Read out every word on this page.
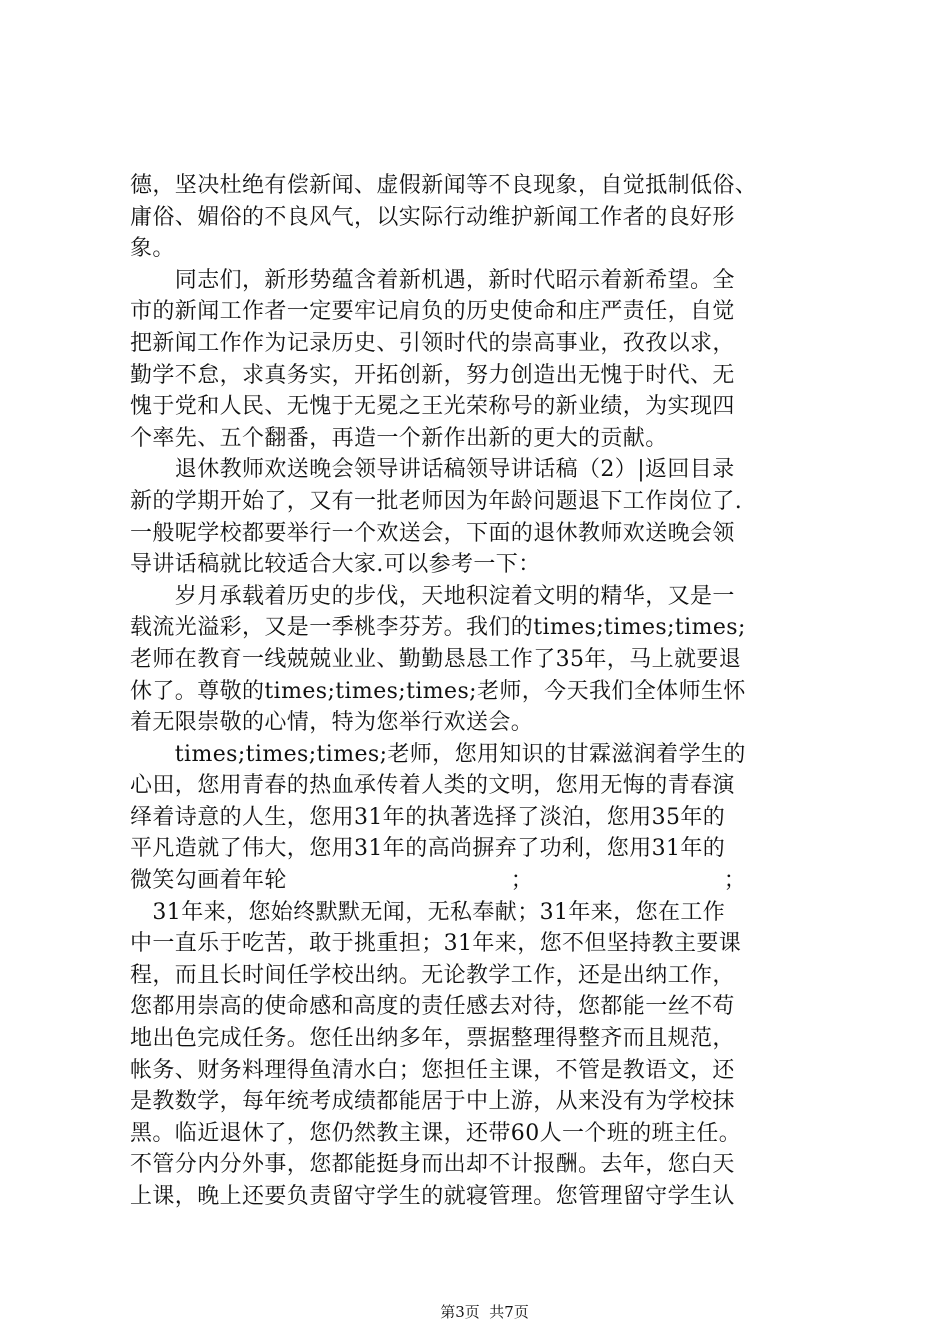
德，坚决杜绝有偿新闻、虚假新闻等不良现象，自觉抵制低俗、
庸俗、媚俗的不良风气，以实际行动维护新闻工作者的良好形
象。
　　同志们，新形势蕴含着新机遇，新时代昭示着新希望。全
市的新闻工作者一定要牢记肩负的历史使命和庄严责任，自觉
把新闻工作作为记录历史、引领时代的崇高事业，孜孜以求，
勤学不怠，求真务实，开拓创新，努力创造出无愧于时代、无
愧于党和人民、无愧于无冕之王光荣称号的新业绩，为实现四
个率先、五个翻番，再造一个新作出新的更大的贡献。
　　退休教师欢送晚会领导讲话稿领导讲话稿（2）|返回目录
新的学期开始了，又有一批老师因为年龄问题退下工作岗位了.
一般呢学校都要举行一个欢送会，下面的退休教师欢送晚会领
导讲话稿就比较适合大家.可以参考一下：
　　岁月承载着历史的步伐，天地积淀着文明的精华，又是一
载流光溢彩，又是一季桃李芬芳。我们的times;times;times;
老师在教育一线兢兢业业、勤勤恳恳工作了35年，马上就要退
休了。尊敬的times;times;times;老师，今天我们全体师生怀
着无限崇敬的心情，特为您举行欢送会。
　　times;times;times;老师，您用知识的甘霖滋润着学生的
心田，您用青春的热血承传着人类的文明，您用无悔的青春演
绎着诗意的人生，您用31年的执著选择了淡泊，您用35年的
平凡造就了伟大，您用31年的高尚摒弃了功利，您用31年的
微笑勾画着年轮　　　　　　　　　　；　　　　　　　　　；
　31年来，您始终默默无闻，无私奉献；31年来，您在工作
中一直乐于吃苦，敢于挑重担；31年来，您不但坚持教主要课
程，而且长时间任学校出纳。无论教学工作，还是出纳工作，
您都用崇高的使命感和高度的责任感去对待，您都能一丝不苟
地出色完成任务。您任出纳多年，票据整理得整齐而且规范，
帐务、财务料理得鱼清水白；您担任主课，不管是教语文，还
是教数学，每年统考成绩都能居于中上游，从来没有为学校抹
黑。临近退休了，您仍然教主课，还带60人一个班的班主任。
不管分内分外事，您都能挺身而出却不计报酬。去年，您白天
上课，晚上还要负责留守学生的就寝管理。您管理留守学生认

第3页  共7页
